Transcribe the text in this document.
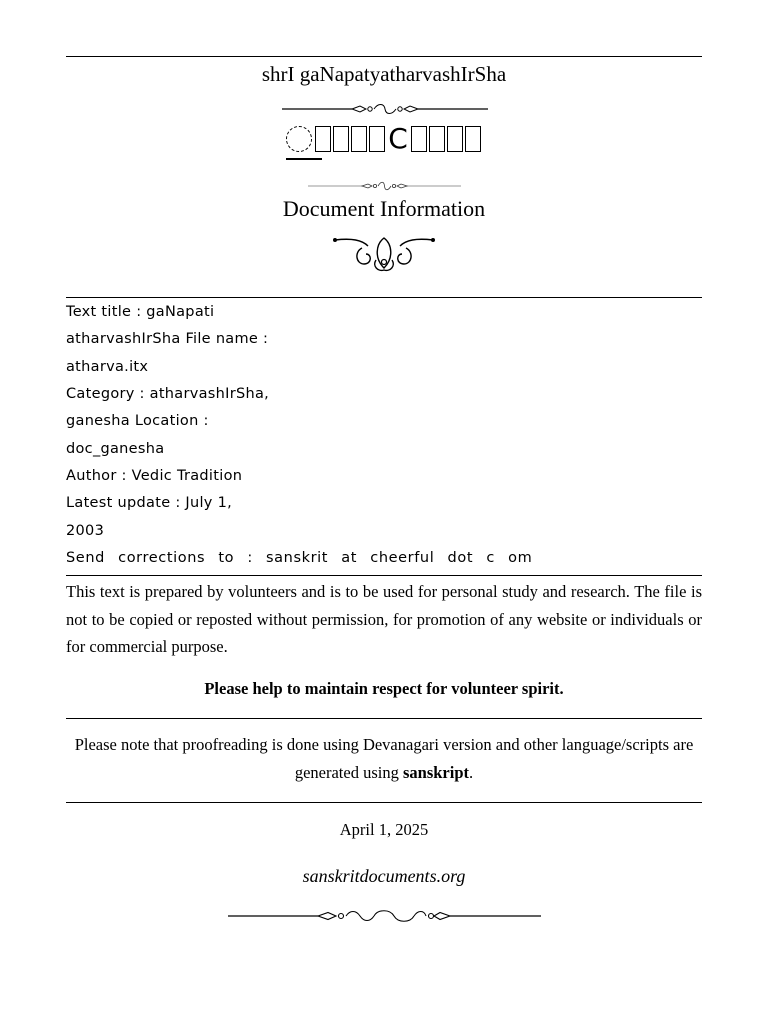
shrI gaNapatyatharvashIrSha
C
Document Information
Text title : gaNapati
atharvashIrSha File name :
atharva.itx
Category : atharvashIrSha,
ganesha Location :
doc_ganesha
Author : Vedic Tradition
Latest update : July 1,
2003
Send corrections to : sanskrit at cheerful dot c om
This text is prepared by volunteers and is to be used for personal study and research. The file is not to be copied or reposted without permission, for promotion of any website or individuals or for commercial purpose.
Please help to maintain respect for volunteer spirit.
Please note that proofreading is done using Devanagari version and other language/scripts are generated using sanskript.
April 1, 2025
sanskritdocuments.org
